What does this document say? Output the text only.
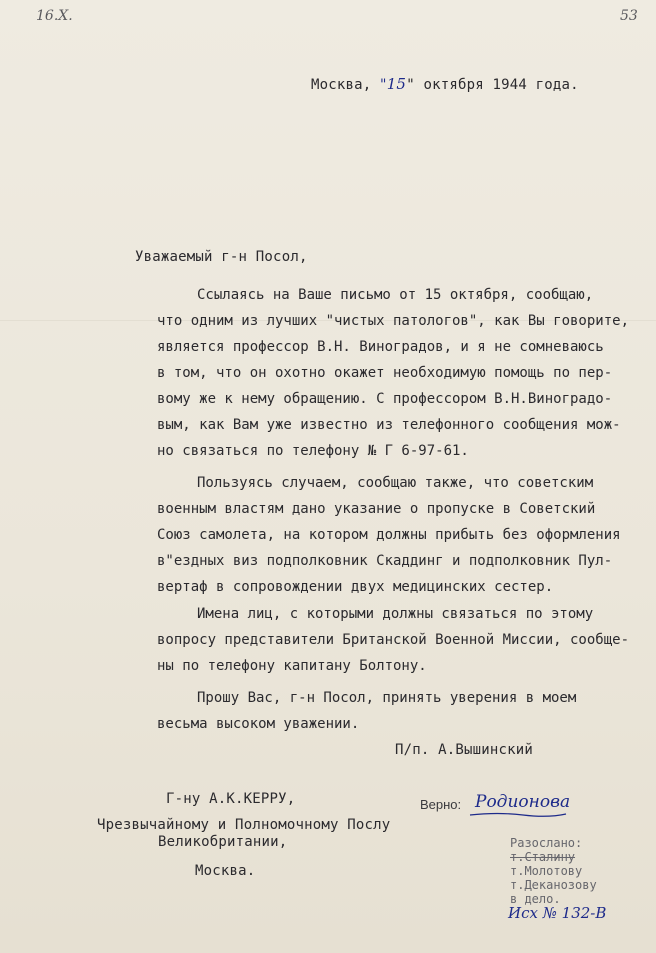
16.X.	53
Москва, "15" октября 1944 года.
Уважаемый г-н Посол,
Ссылаясь на Ваше письмо от 15 октября, сообщаю,
что одним из лучших "чистых патологов", как Вы говорите,
является профессор В.Н. Виноградов, и я не сомневаюсь
в том, что он охотно окажет необходимую помощь по пер-
вому же к нему обращению. С профессором В.Н.Виноградо-
вым, как Вам уже известно из телефонного сообщения мож-
но связаться по телефону № Г 6-97-61.
Пользуясь случаем, сообщаю также, что советским
военным властям дано указание о пропуске в Советский
Союз самолета, на котором должны прибыть без оформления
в"ездных виз подполковник Скаддинг и подполковник Пул-
вертаф в сопровождении двух медицинских сестер.
Имена лиц, с которыми должны связаться по этому
вопросу представители Британской Военной Миссии, сообще-
ны по телефону капитану Болтону.
Прошу Вас, г-н Посол, принять уверения в моем
весьма высоком уважении.
П/п. А.Вышинский
Г-ну А.К.КЕРРУ,
Чрезвычайному и Полномочному Послу
Великобритании,
Москва.
Верно: Родионова
Разослано:
т.Сталину
т.Молотову
т.Деканозову
в дело.
Исх № 132-В
